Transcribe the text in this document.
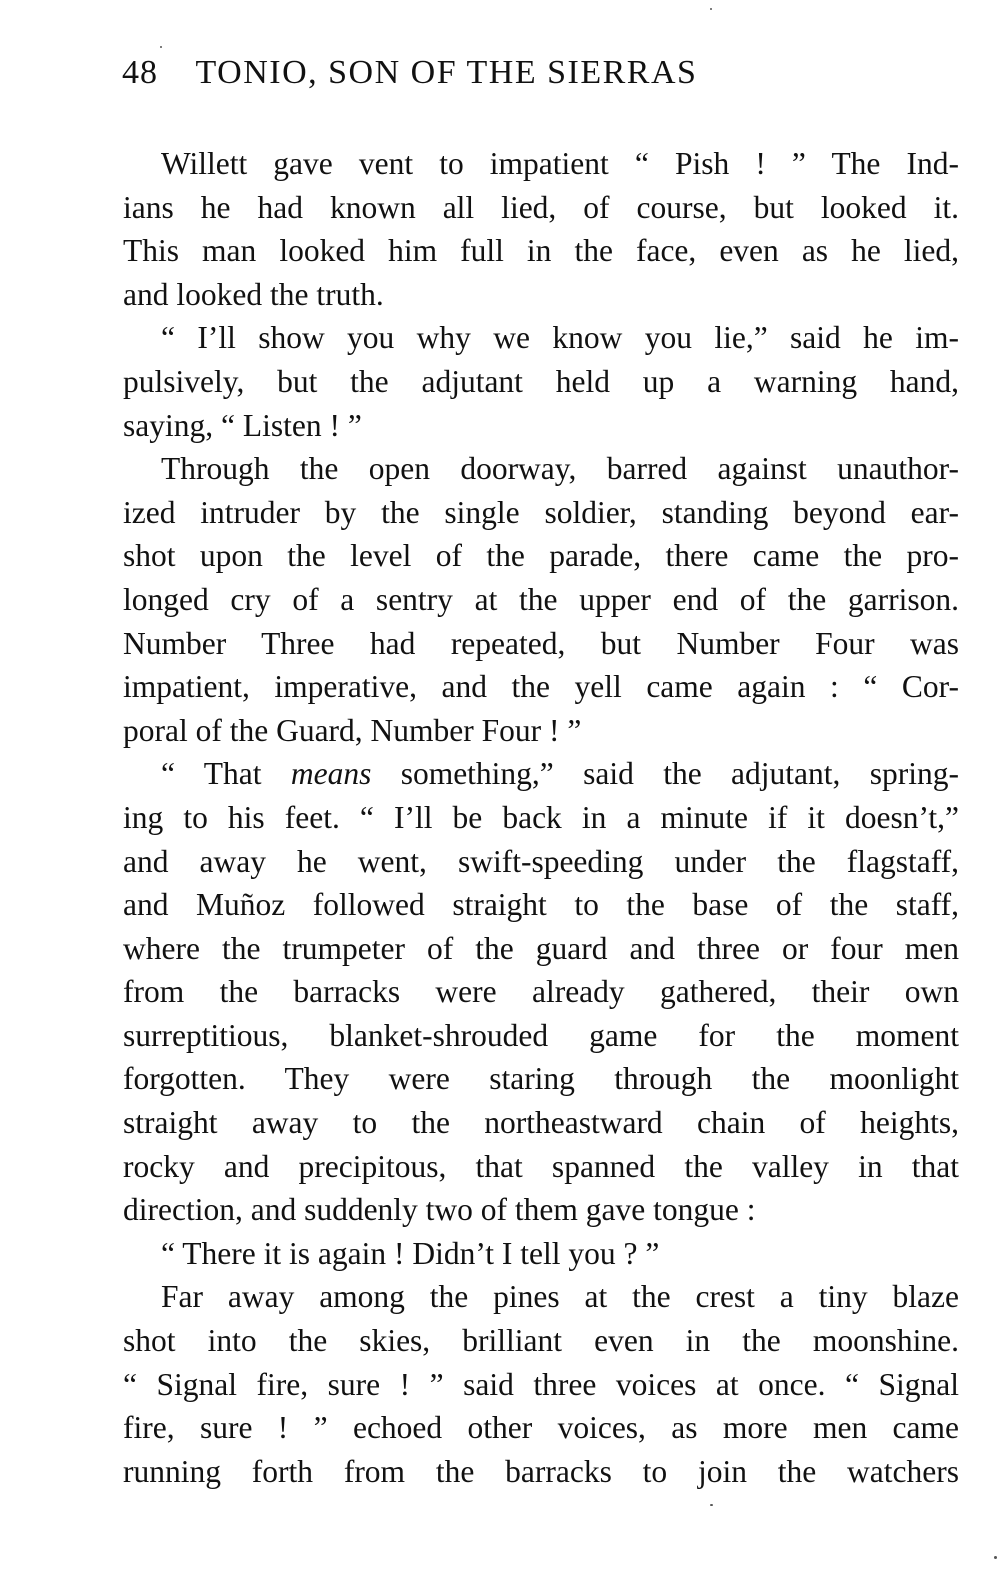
48 TONIO, SON OF THE SIERRAS
Willett gave vent to impatient “ Pish ! ” The Ind-
ians he had known all lied, of course, but looked it.
This man looked him full in the face, even as he lied,
and looked the truth.
“ I’ll show you why we know you lie,” said he im-
pulsively, but the adjutant held up a warning hand,
saying, “ Listen ! ”
Through the open doorway, barred against unauthor-
ized intruder by the single soldier, standing beyond ear-
shot upon the level of the parade, there came the pro-
longed cry of a sentry at the upper end of the garrison.
Number Three had repeated, but Number Four was
impatient, imperative, and the yell came again : “ Cor-
poral of the Guard, Number Four ! ”
“ That means something,” said the adjutant, spring-
ing to his feet. “ I’ll be back in a minute if it doesn’t,”
and away he went, swift-speeding under the flagstaff,
and Muñoz followed straight to the base of the staff,
where the trumpeter of the guard and three or four men
from the barracks were already gathered, their own
surreptitious, blanket-shrouded game for the moment
forgotten. They were staring through the moonlight
straight away to the northeastward chain of heights,
rocky and precipitous, that spanned the valley in that
direction, and suddenly two of them gave tongue :
“ There it is again ! Didn’t I tell you ? ”
Far away among the pines at the crest a tiny blaze
shot into the skies, brilliant even in the moonshine.
“ Signal fire, sure ! ” said three voices at once. “ Signal
fire, sure ! ” echoed other voices, as more men came
running forth from the barracks to join the watchers
